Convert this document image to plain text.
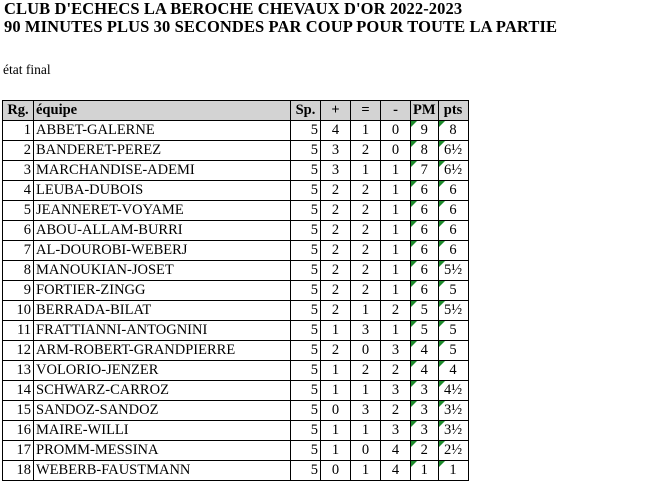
CLUB D'ECHECS LA BEROCHE CHEVAUX D'OR 2022-2023
90 MINUTES PLUS 30 SECONDES PAR COUP POUR TOUTE LA PARTIE
état final
Rg.	équipe	Sp.	+	=	-	PM	pts
1	ABBET-GALERNE	5	4	1	0	9	8
2	BANDERET-PEREZ	5	3	2	0	8	6½
3	MARCHANDISE-ADEMI	5	3	1	1	7	6½
4	LEUBA-DUBOIS	5	2	2	1	6	6
5	JEANNERET-VOYAME	5	2	2	1	6	6
6	ABOU-ALLAM-BURRI	5	2	2	1	6	6
7	AL-DOUROBI-WEBERJ	5	2	2	1	6	6
8	MANOUKIAN-JOSET	5	2	2	1	6	5½
9	FORTIER-ZINGG	5	2	2	1	6	5
10	BERRADA-BILAT	5	2	1	2	5	5½
11	FRATTIANNI-ANTOGNINI	5	1	3	1	5	5
12	ARM-ROBERT-GRANDPIERRE	5	2	0	3	4	5
13	VOLORIO-JENZER	5	1	2	2	4	4
14	SCHWARZ-CARROZ	5	1	1	3	3	4½
15	SANDOZ-SANDOZ	5	0	3	2	3	3½
16	MAIRE-WILLI	5	1	1	3	3	3½
17	PROMM-MESSINA	5	1	0	4	2	2½
18	WEBERB-FAUSTMANN	5	0	1	4	1	1
